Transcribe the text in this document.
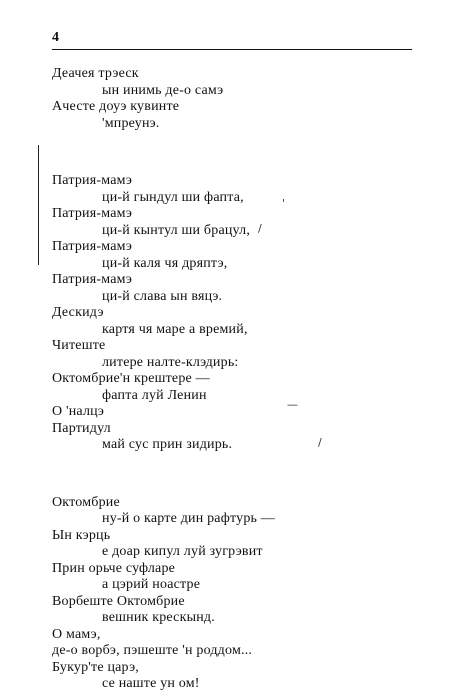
4
Деачея трэеск
ын инимь де-о самэ
Ачесте доуэ кувинте
'мпреунэ.
Патрия-мамэ
ци-й гындул ши фапта,
Патрия-мамэ
ци-й кынтул ши брацул,
Патрия-мамэ
ци-й каля чя дряптэ,
Патрия-мамэ
ци-й слава ын вяцэ.
Дескидэ
картя чя маре а времий,
Читеште
литере налте-клэдирь:
Октомбрие'н крештере —
фапта луй Ленин
О 'налцэ
Партидул
май сус прин зидирь.
Октомбрие
ну-й о карте дин рафтурь —
Ын кэрць
е доар кипул луй зугрэвит
Прин орьче суфларе
а цэрий ноастре
Ворбеште Октомбрие
вешник крескынд.
О мамэ,
де-о ворбэ, пэшеште 'н роддом...
Букур'те царэ,
се наште ун ом!
/
'
—
/
